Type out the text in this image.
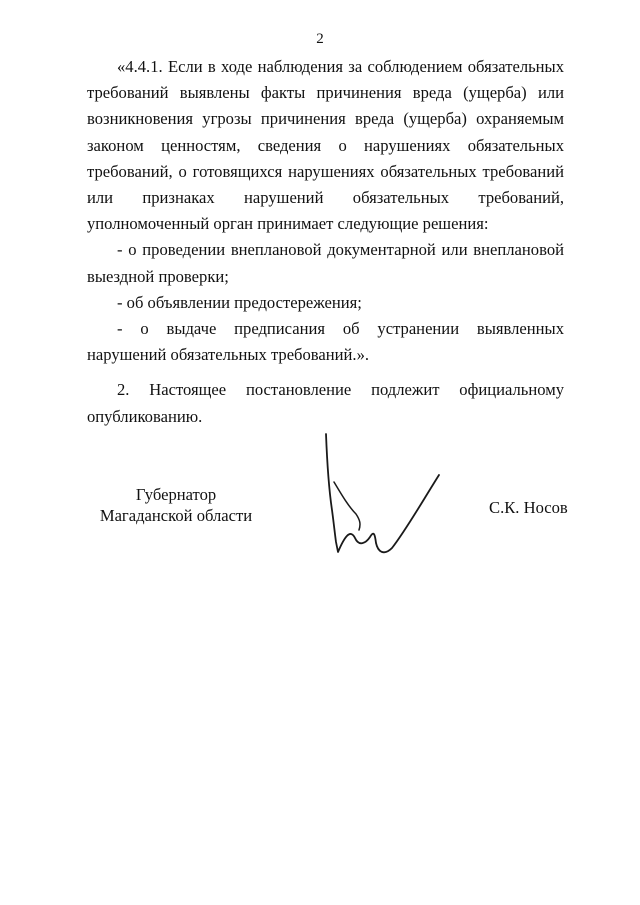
2

«4.4.1. Если в ходе наблюдения за соблюдением обязательных требований выявлены факты причинения вреда (ущерба) или возникновения угрозы причинения вреда (ущерба) охраняемым законом ценностям, сведения о нарушениях обязательных требований, о готовящихся нарушениях обязательных требований или признаках нарушений обязательных требований, уполномоченный орган принимает следующие решения:

- о проведении внеплановой документарной или внеплановой выездной проверки;

- об объявлении предостережения;

- о выдаче предписания об устранении выявленных нарушений обязательных требований.».

2. Настоящее постановление подлежит официальному опубликованию.

Губернатор
Магаданской области	С.К. Носов
